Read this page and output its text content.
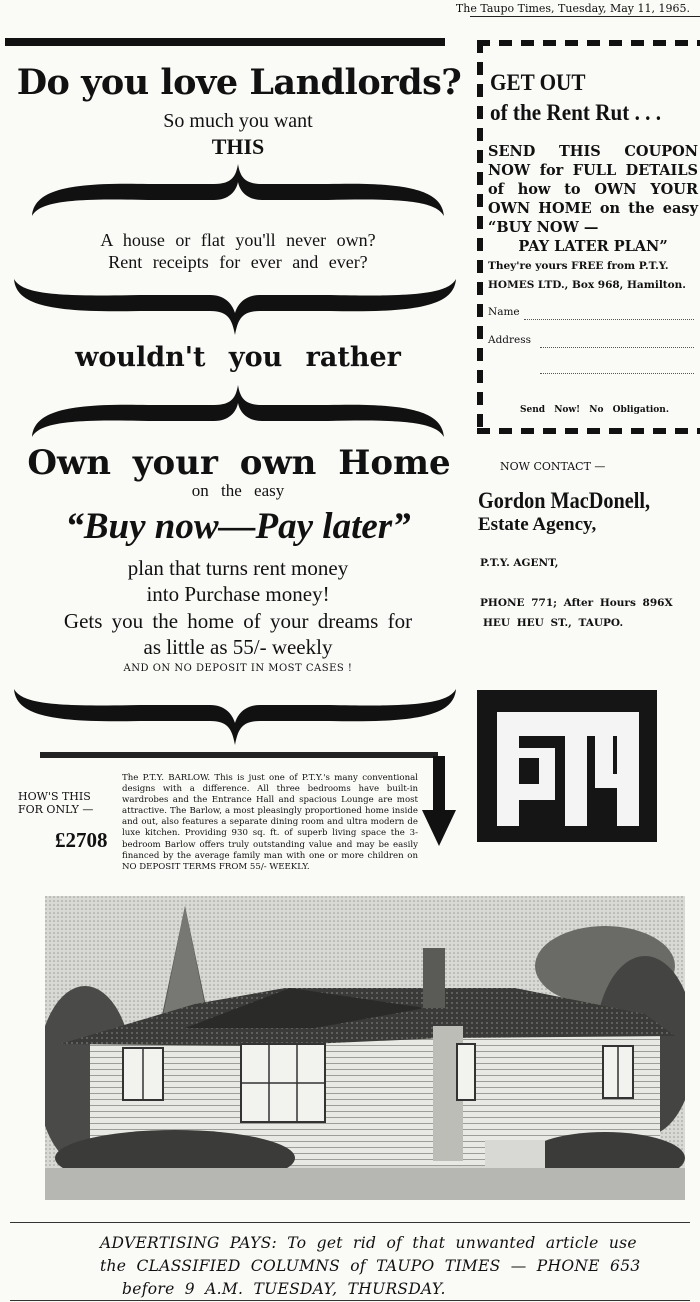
The Taupo Times, Tuesday, May 11, 1965.
Do you love Landlords?
So much you want
THIS
A house or flat you'll never own?
Rent receipts for ever and ever?
wouldn't you rather
Own your own Home
on the easy
“Buy now—Pay later”
plan that turns rent money
into Purchase money!
Gets you the home of your dreams for
as little as 55/- weekly
AND ON NO DEPOSIT IN MOST CASES !
HOW'S THIS
FOR ONLY —
£2708
The P.T.Y. BARLOW. This is just one of P.T.Y.'s many conventional designs with a difference. All three bedrooms have built-in wardrobes and the Entrance Hall and spacious Lounge are most attractive. The Barlow, a most pleasingly proportioned home inside and out, also features a separate dining room and ultra modern de luxe kitchen. Providing 930 sq. ft. of superb living space the 3-bedroom Barlow offers truly outstanding value and may be easily financed by the average family man with one or more children on NO DEPOSIT TERMS FROM 55/- WEEKLY.
GET OUT
of the Rent Rut . . .
SEND THIS COUPON
NOW for FULL DETAILS
of how to OWN YOUR
OWN HOME on the easy
“BUY NOW —
PAY LATER PLAN”
They're yours FREE from P.T.Y.
HOMES LTD., Box 968, Hamilton.
Name
Address
Send Now! No Obligation.
NOW CONTACT —
Gordon MacDonell,
Estate Agency,
P.T.Y. AGENT,
PHONE 771; After Hours 896X
HEU HEU ST., TAUPO.
ADVERTISING PAYS: To get rid of that unwanted article use
the CLASSIFIED COLUMNS of TAUPO TIMES — PHONE 653
before 9 A.M. TUESDAY, THURSDAY.
